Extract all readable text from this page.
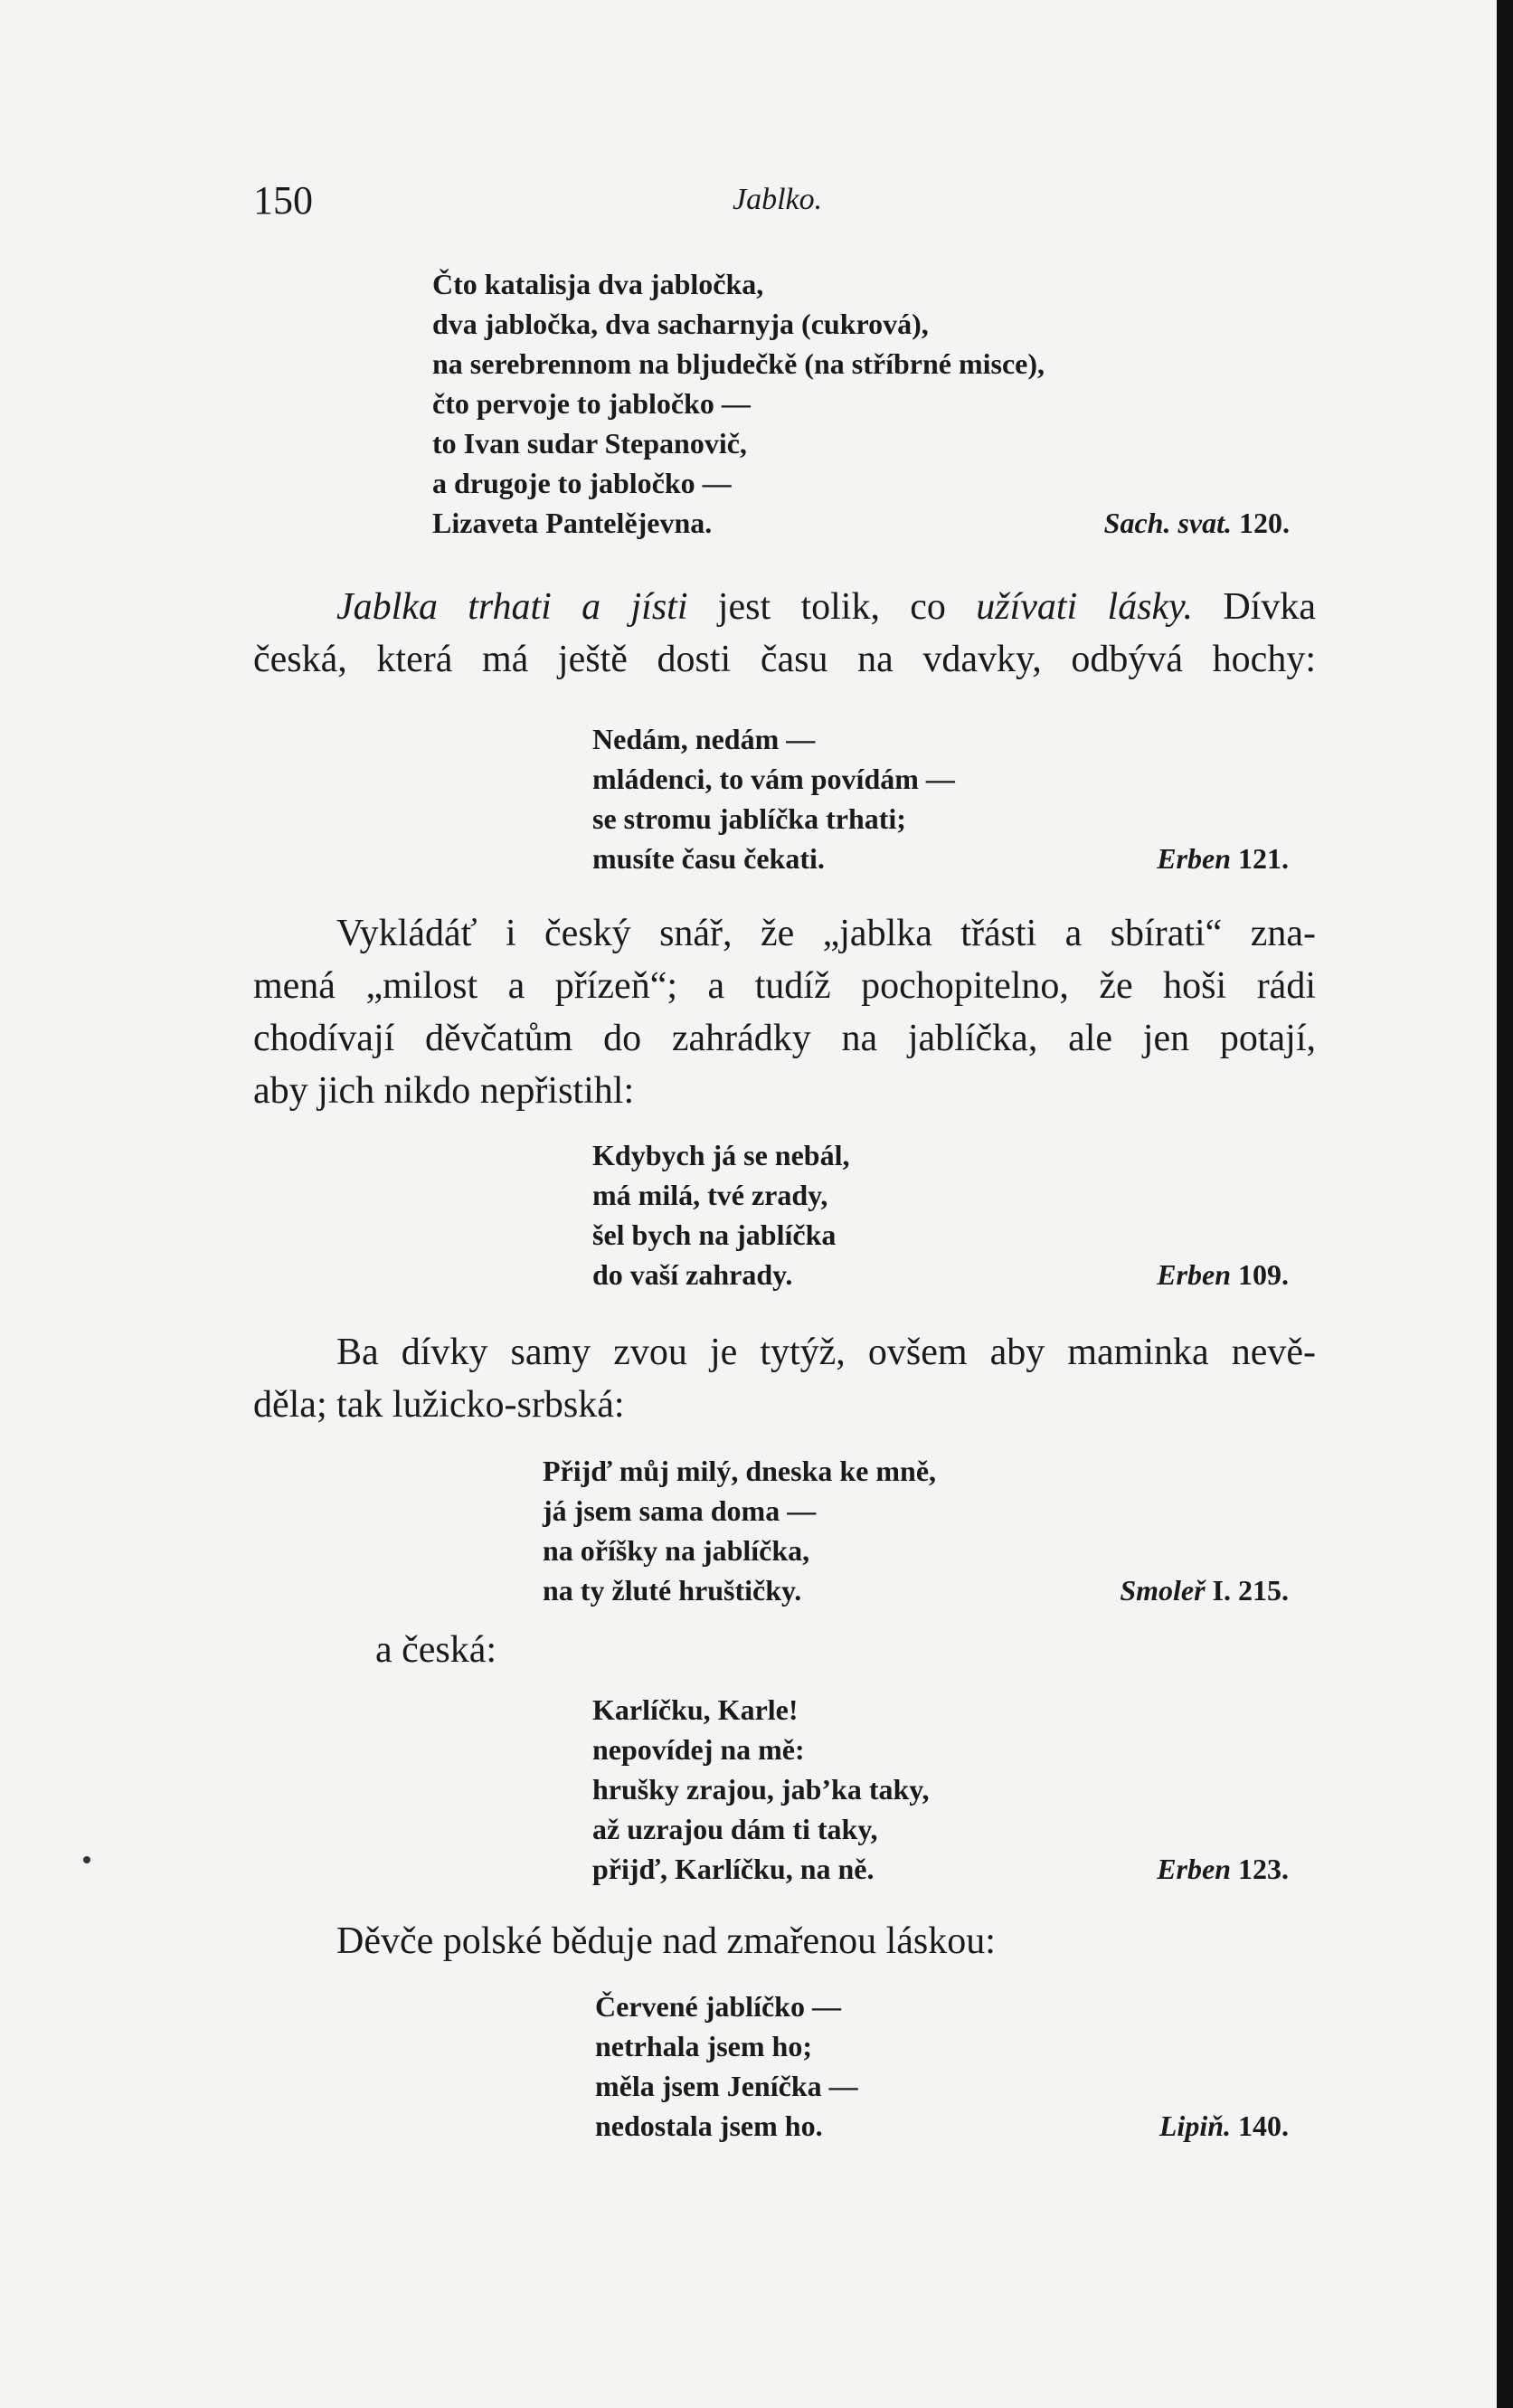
150	Jablko.
Čto katalisja dva jabločka,
dva jabločka, dva sacharnyja (cukrová),
na serebrennom na bljudečkě (na stříbrné misce),
čto pervoje to jabločko —
to Ivan sudar Stepanovič,
a drugoje to jabločko —
Lizaveta Pantelějevna.	Sach. svat. 120.
Jablka trhati a jísti jest tolik, co užívati lásky. Dívka
česká, která má ještě dosti času na vdavky, odbývá hochy:
Nedám, nedám —
mládenci, to vám povídám —
se stromu jablíčka trhati;
musíte času čekati.	Erben 121.
Vykládáť i český snář, že „jablka třásti a sbírati“ zna-
mená „milost a přízeň“; a tudíž pochopitelno, že hoši rádi
chodívají děvčatům do zahrádky na jablíčka, ale jen potají,
aby jich nikdo nepřistihl:
Kdybych já se nebál,
má milá, tvé zrady,
šel bych na jablíčka
do vaší zahrady.	Erben 109.
Ba dívky samy zvou je tytýž, ovšem aby maminka nevě-
děla; tak lužicko-srbská:
Přijď můj milý, dneska ke mně,
já jsem sama doma —
na oříšky na jablíčka,
na ty žluté hruštičky.	Smoleř I. 215.
a česká:
Karlíčku, Karle!
nepovídej na mě:
hrušky zrajou, jab’ka taky,
až uzrajou dám ti taky,
přijď, Karlíčku, na ně.	Erben 123.
Děvče polské běduje nad zmařenou láskou:
Červené jablíčko —
netrhala jsem ho;
měla jsem Jeníčka —
nedostala jsem ho.	Lipiň. 140.
